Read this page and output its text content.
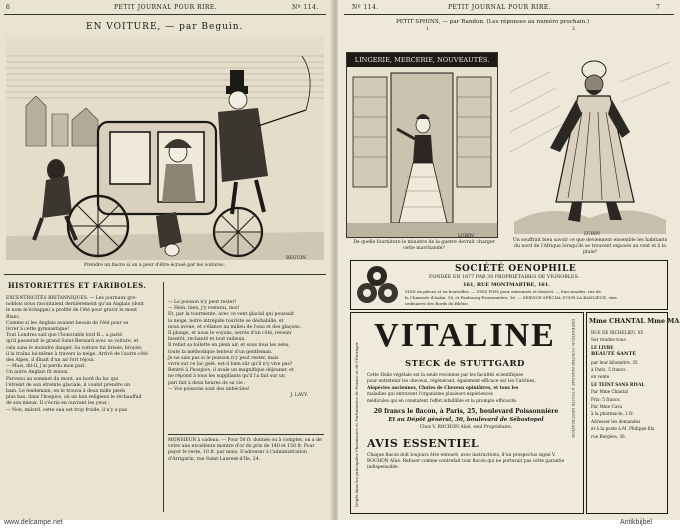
6	PETIT JOURNAL POUR RIRE.	Nº 114.
EN VOITURE, — par Beguin.
Prendre un fiacre si on a peur d'être écrasé par les voitures.
BEGUIN
HISTORIETTES ET FARIBOLES.

EXCENTRICITÉS BRITANNIQUES. — Les journaux gre-

noblois nous racontaient dernièrement qu'un Anglais (dont

le nom m'échappe) a profité de l'été pour gravir le mont

Blanc.

Comme si les Anglais avaient besoin de l'été pour se

livrer à cette gymnastique!

Tout Londres sait que l'honorable lord B... a parié

qu'il passerait le grand Saint-Bernard avec sa voiture, et

cela sans le moindre danger. Sa voiture fut brisée, broyée;

il la traîna lui-même à travers la neige. Arrivé de l'autre côté

des Alpes, il dînait d'un air fort réjoui.

— Mais, dit-il, j'ai perdu mon pari.

Un autre Anglais fit mieux.

Parvenu au sommet du mont, au bord du lac qui

l'étreint de son étreinte glaciale, il voulut prendre un

bain. Le lendemain, on le trouva à deux mille pieds

plus bas, dans l'hospice, où un bon religieux le réchauffait

de son mieux. Il s'écria en ouvrant les yeux :

— Non, milord, cette eau est trop froide, il n'y a pas

— Le poisson n'y peut rester!

— Hein, bien, j'y resterai, moi!

Et, par la tourmente, avec ce vent glacial qui poussait

la neige, notre intrépide touriste se déshabille, et

nous avoue, et s'élance au milieu de l'eau et des glaçons.

Il plonge, et nous le voyons, serrés d'un côté, revenir

bientôt, rechanté et tout radieux.

Il refait sa toilette en plein air, et sous tous les sens,

toute la méthodique lenteur d'un gentleman.

Je ne sais pas si le poisson n'y peut rester, mais

vivre sur ce lac gelé, est-il bien sûr qu'il n'y vive pas?

Rentré à l'hospice, il avale un magnifique déjeuner, et

ne répond à tous les suppliants qu'il l'a fait sur un

pari fait à deux heures de sa vie :

— Vos poissons sont des imbéciles!

J. LAVY.

MONSIEUR à cadeau. — Pour 50 fr. donnés ou à compter, on a de votre une excellente montre d'or du prix de 140 et 150 fr. Pour payer le reste, 10 fr. par mois. S'adresser à l'administration d'Arrigarin, rue Saint-Laurent-d'Ile, 24.
Nº 114.	PETIT JOURNAL POUR RIRE.	7
PETIT SPHINX, — par Randon. (Les réponses au numéro prochain.)
1	2
LINGERIE, MERCERIE, NOUVEAUTÉS.
De quelle fourniture le ministre de la guerre devrait charger cette marchande?
LUBIN
Un souffrait bien savoir ce que deviennent ensemble les habitants du nord de l'Afrique lorsqu'ils se trouvent exposés au vent et à la pluie?
LUBIN
SOCIÉTÉ OENOPHILE
FONDÉE EN 1877 PAR 30 PROPRIÉTAIRES DE VIGNOBLES.
161, RUE MONTMARTRE, 161.
VINS en pièces et en bouteilles. — VINS FINS pour entremets et dessert. — Succursales, rue de
la Chaussée d'Antin, 18, et Faubourg-Poissonnière, 36. — SERVICE SPÉCIAL POUR LA BANLIEUE, vins
ordinaires des Bords du Rhône.
Dépôt dans les principales Pharmacies et Parfumeries de France et de l'Étranger	EXPÉDITION CONTRE MANDAT A TOUTE DESTINATION
VITALINE
STECK de STUTTGARD

Cette Huile végétale est la seule reconnue par les facultés scientifiques

pour entretenir les cheveux, régénérant, également efficace sur les Calvities,

Alopécies anciennes, Chutes de Cheveux opiniâtres, et tous les

maladies qui entravent l'organisme plusieurs expériences

médicales qui en constatent l'effet infaillible et la prompte efficacité.

20 francs le flacon, à Paris, 25, boulevard Poissonnière
Et au Dépôt général, 30, boulevard de Sébastopol
Chez V. ROCHON Aîné, seul Propriétaire.
AVIS ESSENTIEL
Chaque flacon doit toujours être entouré, avec instructions, d'un prospectus signé V. ROCHON Aîné. Refuser comme contrefait tout flacon qui ne porterait pas cette garantie indispensable.
Mme CHANTAL Mme MA

RUE DE RICHELIEU, 85

Sur rendez-vous

LE LIVRE

BEAUTÉ SANTÉ

par leur kilomètre, 35

à Paris, 5 francs.

en vente

LE TEINT SANS RIVAL

Par Mme Chantal

Prix: 5 francs.

Par Mme Cava

à la pharmacie, 2 fr.

Adresser les demandes

et à la poste à M. Philippe fils,

rue Bergère, 36.

www.delcampe.net	Antikbijbel
